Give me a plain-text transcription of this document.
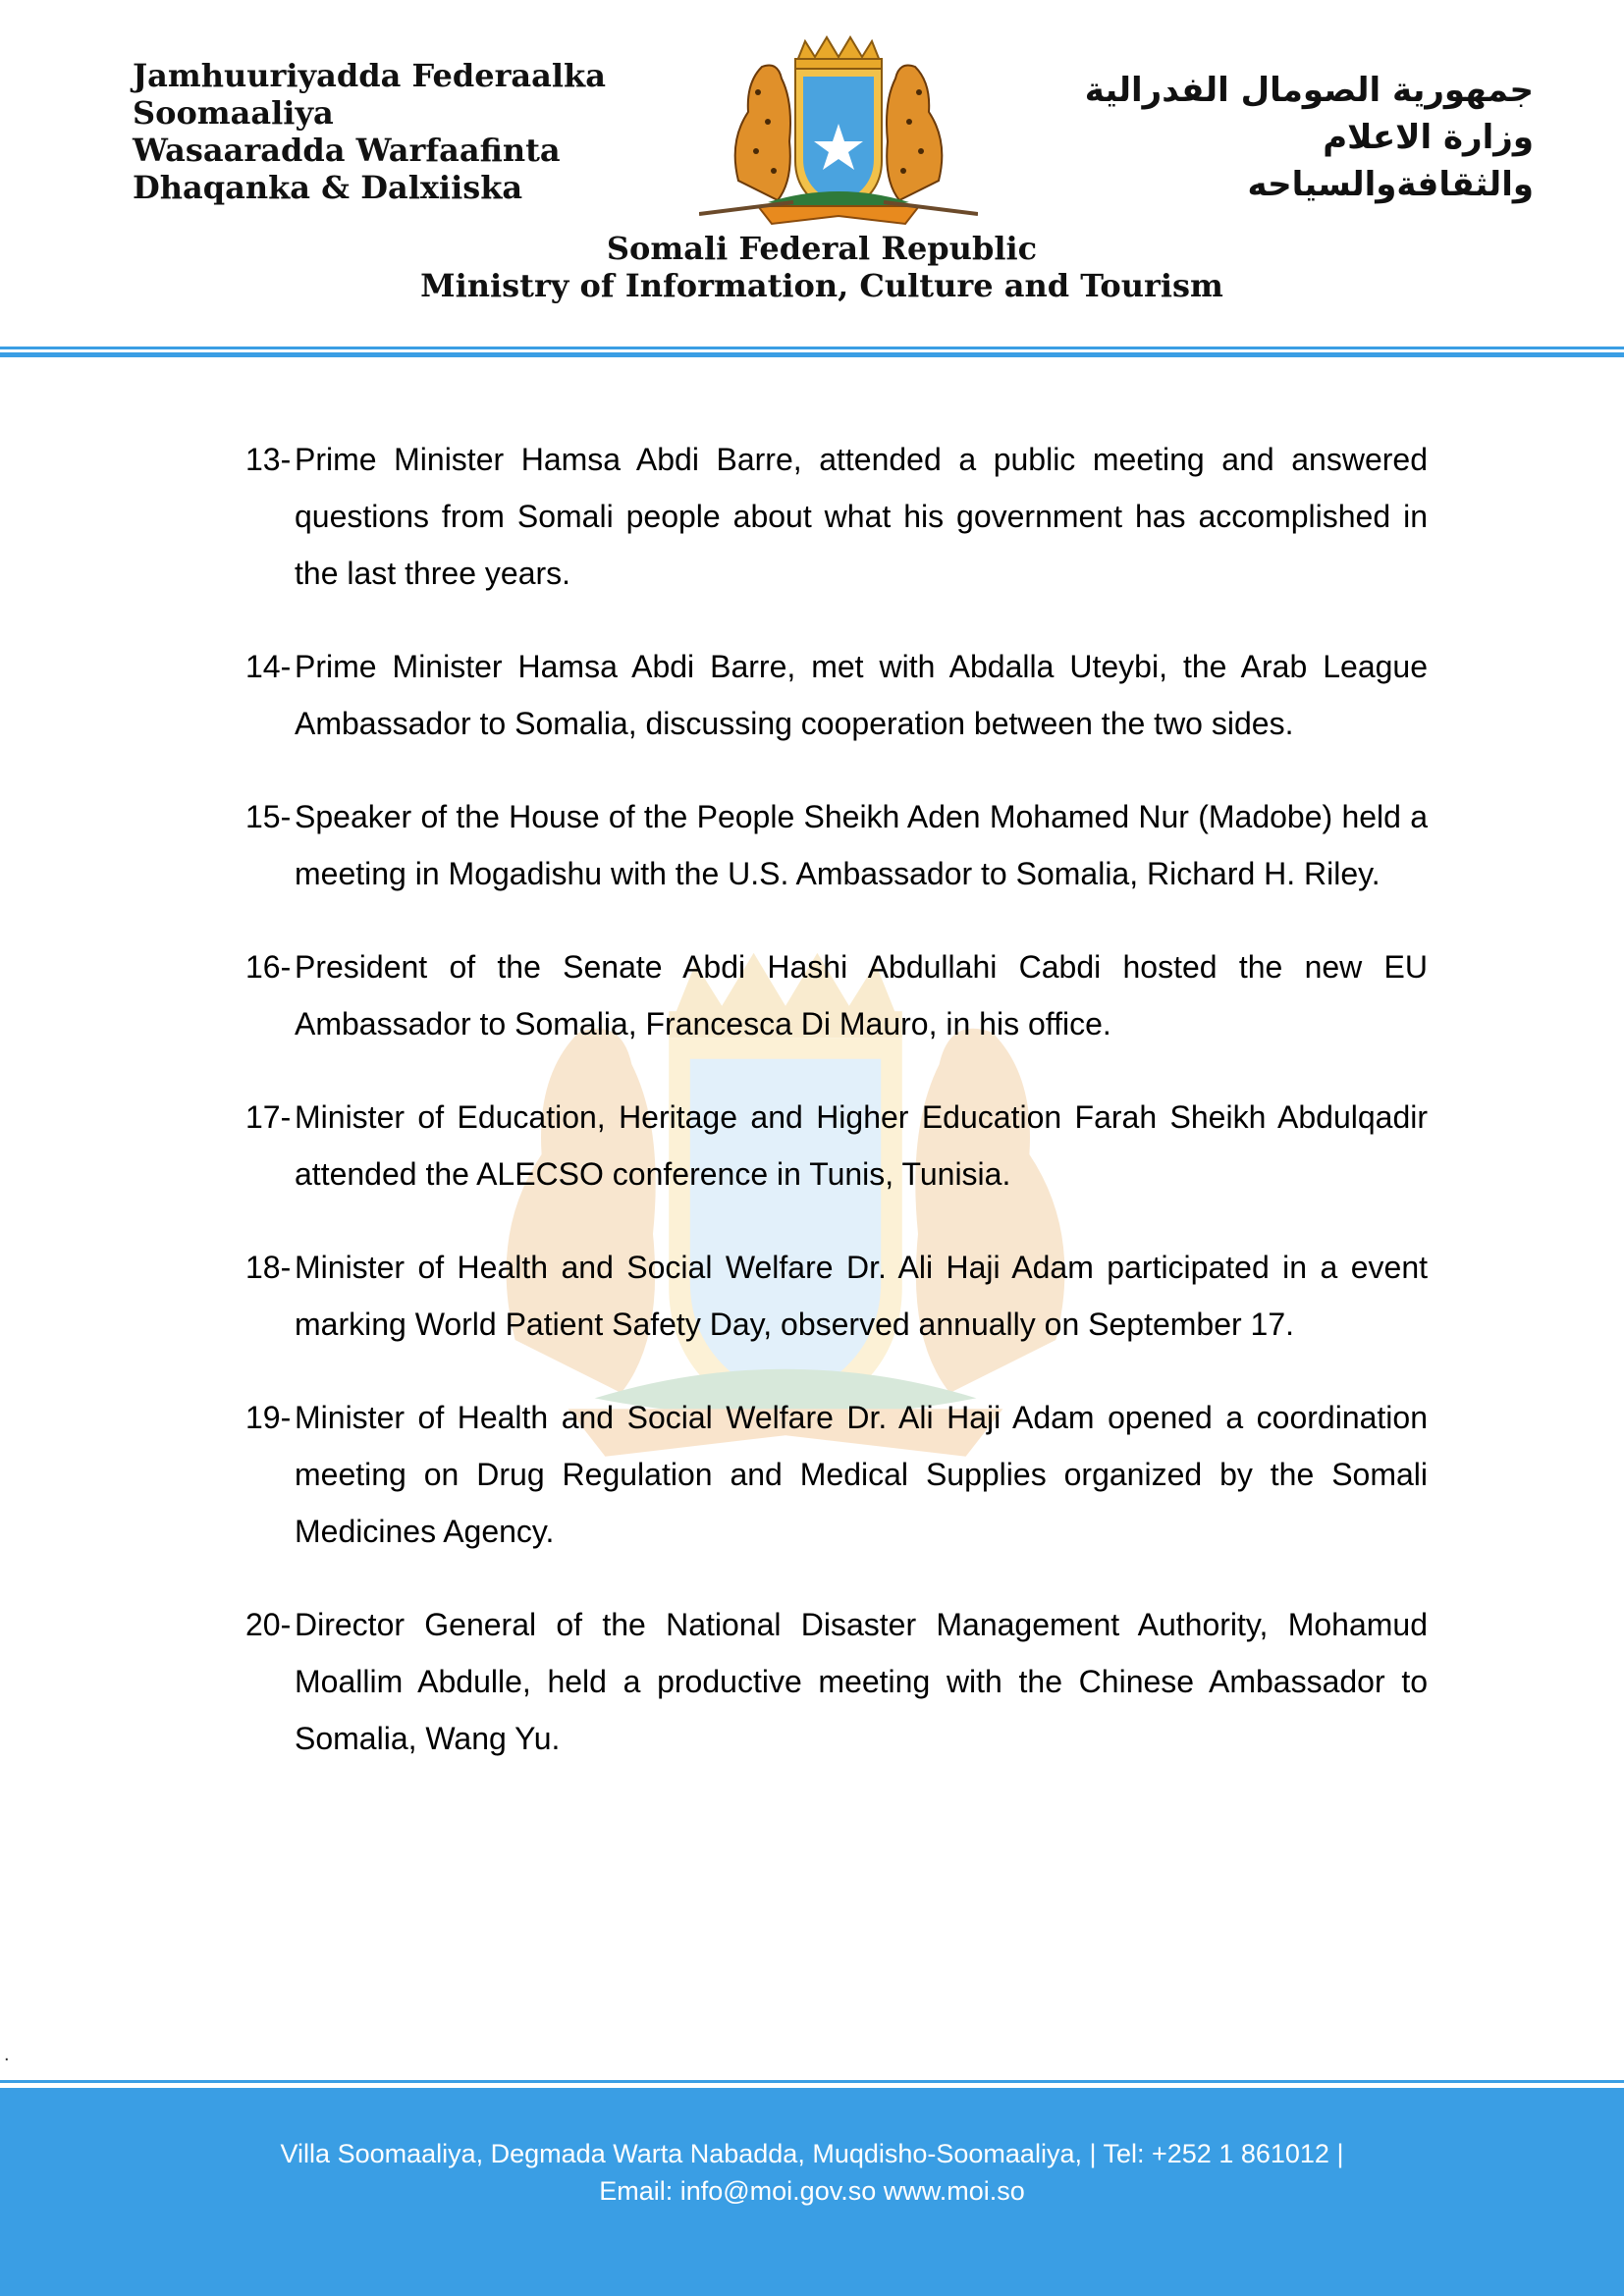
Jamhuuriyadda Federaalka
Soomaaliya
Wasaaradda Warfaafinta
Dhaqanka & Dalxiiska
جمهورية الصومال الفدرالية
وزارة الاعلام
والثقافةوالسياحه
Somali Federal Republic
Ministry of Information, Culture and Tourism
13- Prime Minister Hamsa Abdi Barre, attended a public meeting and answered questions from Somali people about what his government has accomplished in the last three years.
14- Prime Minister Hamsa Abdi Barre, met with Abdalla Uteybi, the Arab League Ambassador to Somalia, discussing cooperation between the two sides.
15- Speaker of the House of the People Sheikh Aden Mohamed Nur (Madobe) held a meeting in Mogadishu with the U.S. Ambassador to Somalia, Richard H. Riley.
16- President of the Senate Abdi Hashi Abdullahi Cabdi hosted the new EU Ambassador to Somalia, Francesca Di Mauro, in his office.
17- Minister of Education, Heritage and Higher Education Farah Sheikh Abdulqadir attended the ALECSO conference in Tunis, Tunisia.
18- Minister of Health and Social Welfare Dr. Ali Haji Adam participated in a event marking World Patient Safety Day, observed annually on September 17.
19- Minister of Health and Social Welfare Dr. Ali Haji Adam opened a coordination meeting on Drug Regulation and Medical Supplies organized by the Somali Medicines Agency.
20- Director General of the National Disaster Management Authority, Mohamud Moallim Abdulle, held a productive meeting with the Chinese Ambassador to Somalia, Wang Yu.
.
Villa Soomaaliya, Degmada Warta Nabadda, Muqdisho-Soomaaliya, | Tel: +252 1 861012 |
Email: info@moi.gov.so www.moi.so
